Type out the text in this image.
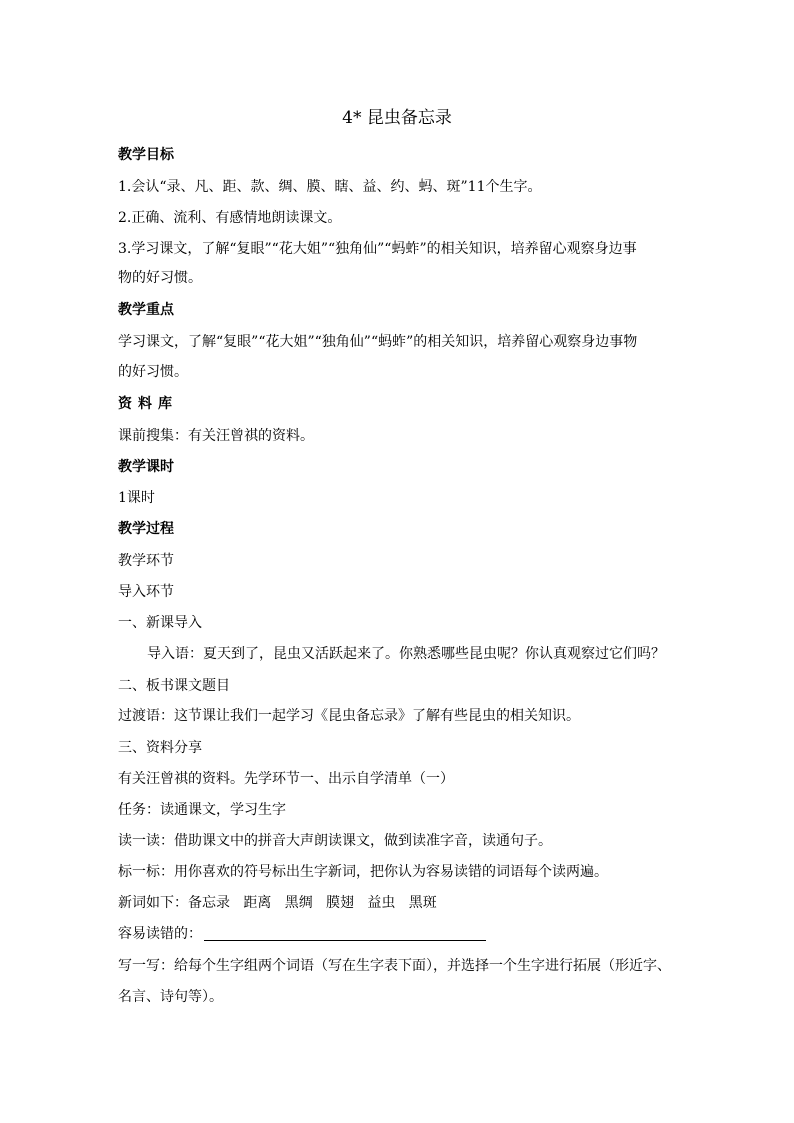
4* 昆虫备忘录
教学目标
1.会认“录、凡、距、款、绸、膜、瞎、益、约、蚂、斑”11个生字。
2.正确、流利、有感情地朗读课文。
3.学习课文，了解“复眼”“花大姐”“独角仙”“蚂蚱”的相关知识，培养留心观察身边事
物的好习惯。
教学重点
学习课文，了解“复眼”“花大姐”“独角仙”“蚂蚱”的相关知识，培养留心观察身边事物
的好习惯。
资料库
课前搜集：有关汪曾祺的资料。
教学课时
1课时
教学过程
教学环节
导入环节
一、新课导入
导入语：夏天到了，昆虫又活跃起来了。你熟悉哪些昆虫呢？你认真观察过它们吗？
二、板书课文题目
过渡语：这节课让我们一起学习《昆虫备忘录》了解有些昆虫的相关知识。
三、资料分享
有关汪曾祺的资料。先学环节一、出示自学清单（一）
任务：读通课文，学习生字
读一读：借助课文中的拼音大声朗读课文，做到读准字音，读通句子。
标一标：用你喜欢的符号标出生字新词，把你认为容易读错的词语每个读两遍。
新词如下：备忘录   距离   黑绸   膜翅   益虫   黑斑
容易读错的：
写一写：给每个生字组两个词语（写在生字表下面），并选择一个生字进行拓展（形近字、
名言、诗句等）。
